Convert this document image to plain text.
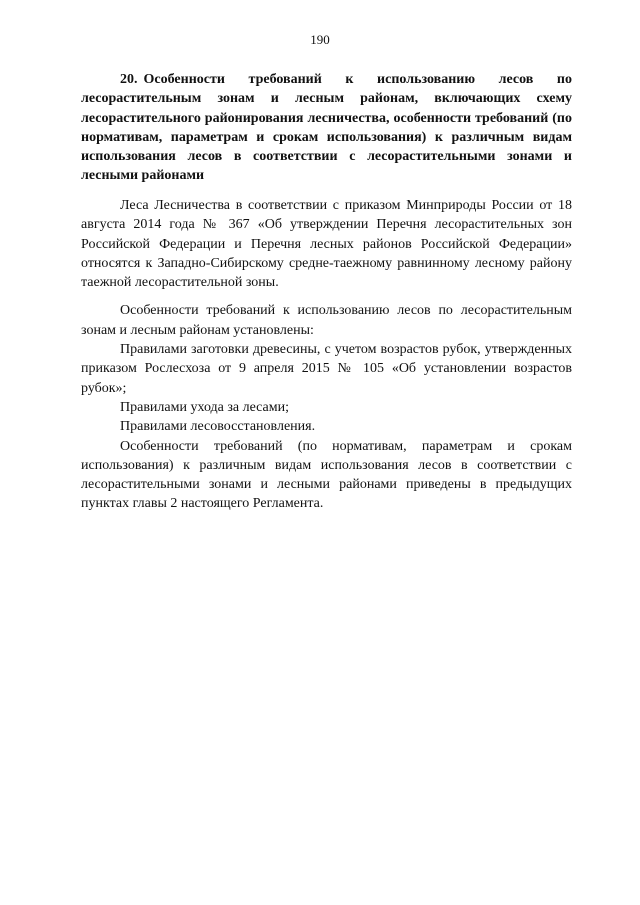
190
20. Особенности требований к использованию лесов по лесорастительным зонам и лесным районам, включающих схему лесорастительного районирования лесничества, особенности требований (по нормативам, параметрам и срокам использования) к различным видам использования лесов в соответствии с лесорастительными зонами и лесными районами

Леса Лесничества в соответствии с приказом Минприроды России от 18 августа 2014 года № 367 «Об утверждении Перечня лесорастительных зон Российской Федерации и Перечня лесных районов Российской Федерации» относятся к Западно-Сибирскому средне-таежному равнинному лесному району таежной лесорастительной зоны.

Особенности требований к использованию лесов по лесорастительным зонам и лесным районам установлены:

Правилами заготовки древесины, с учетом возрастов рубок, утвержденных приказом Рослесхоза от 9 апреля 2015 № 105 «Об установлении возрастов рубок»;

Правилами ухода за лесами;

Правилами лесовосстановления.

Особенности требований (по нормативам, параметрам и срокам использования) к различным видам использования лесов в соответствии с лесорастительными зонами и лесными районами приведены в предыдущих пунктах главы 2 настоящего Регламента.
